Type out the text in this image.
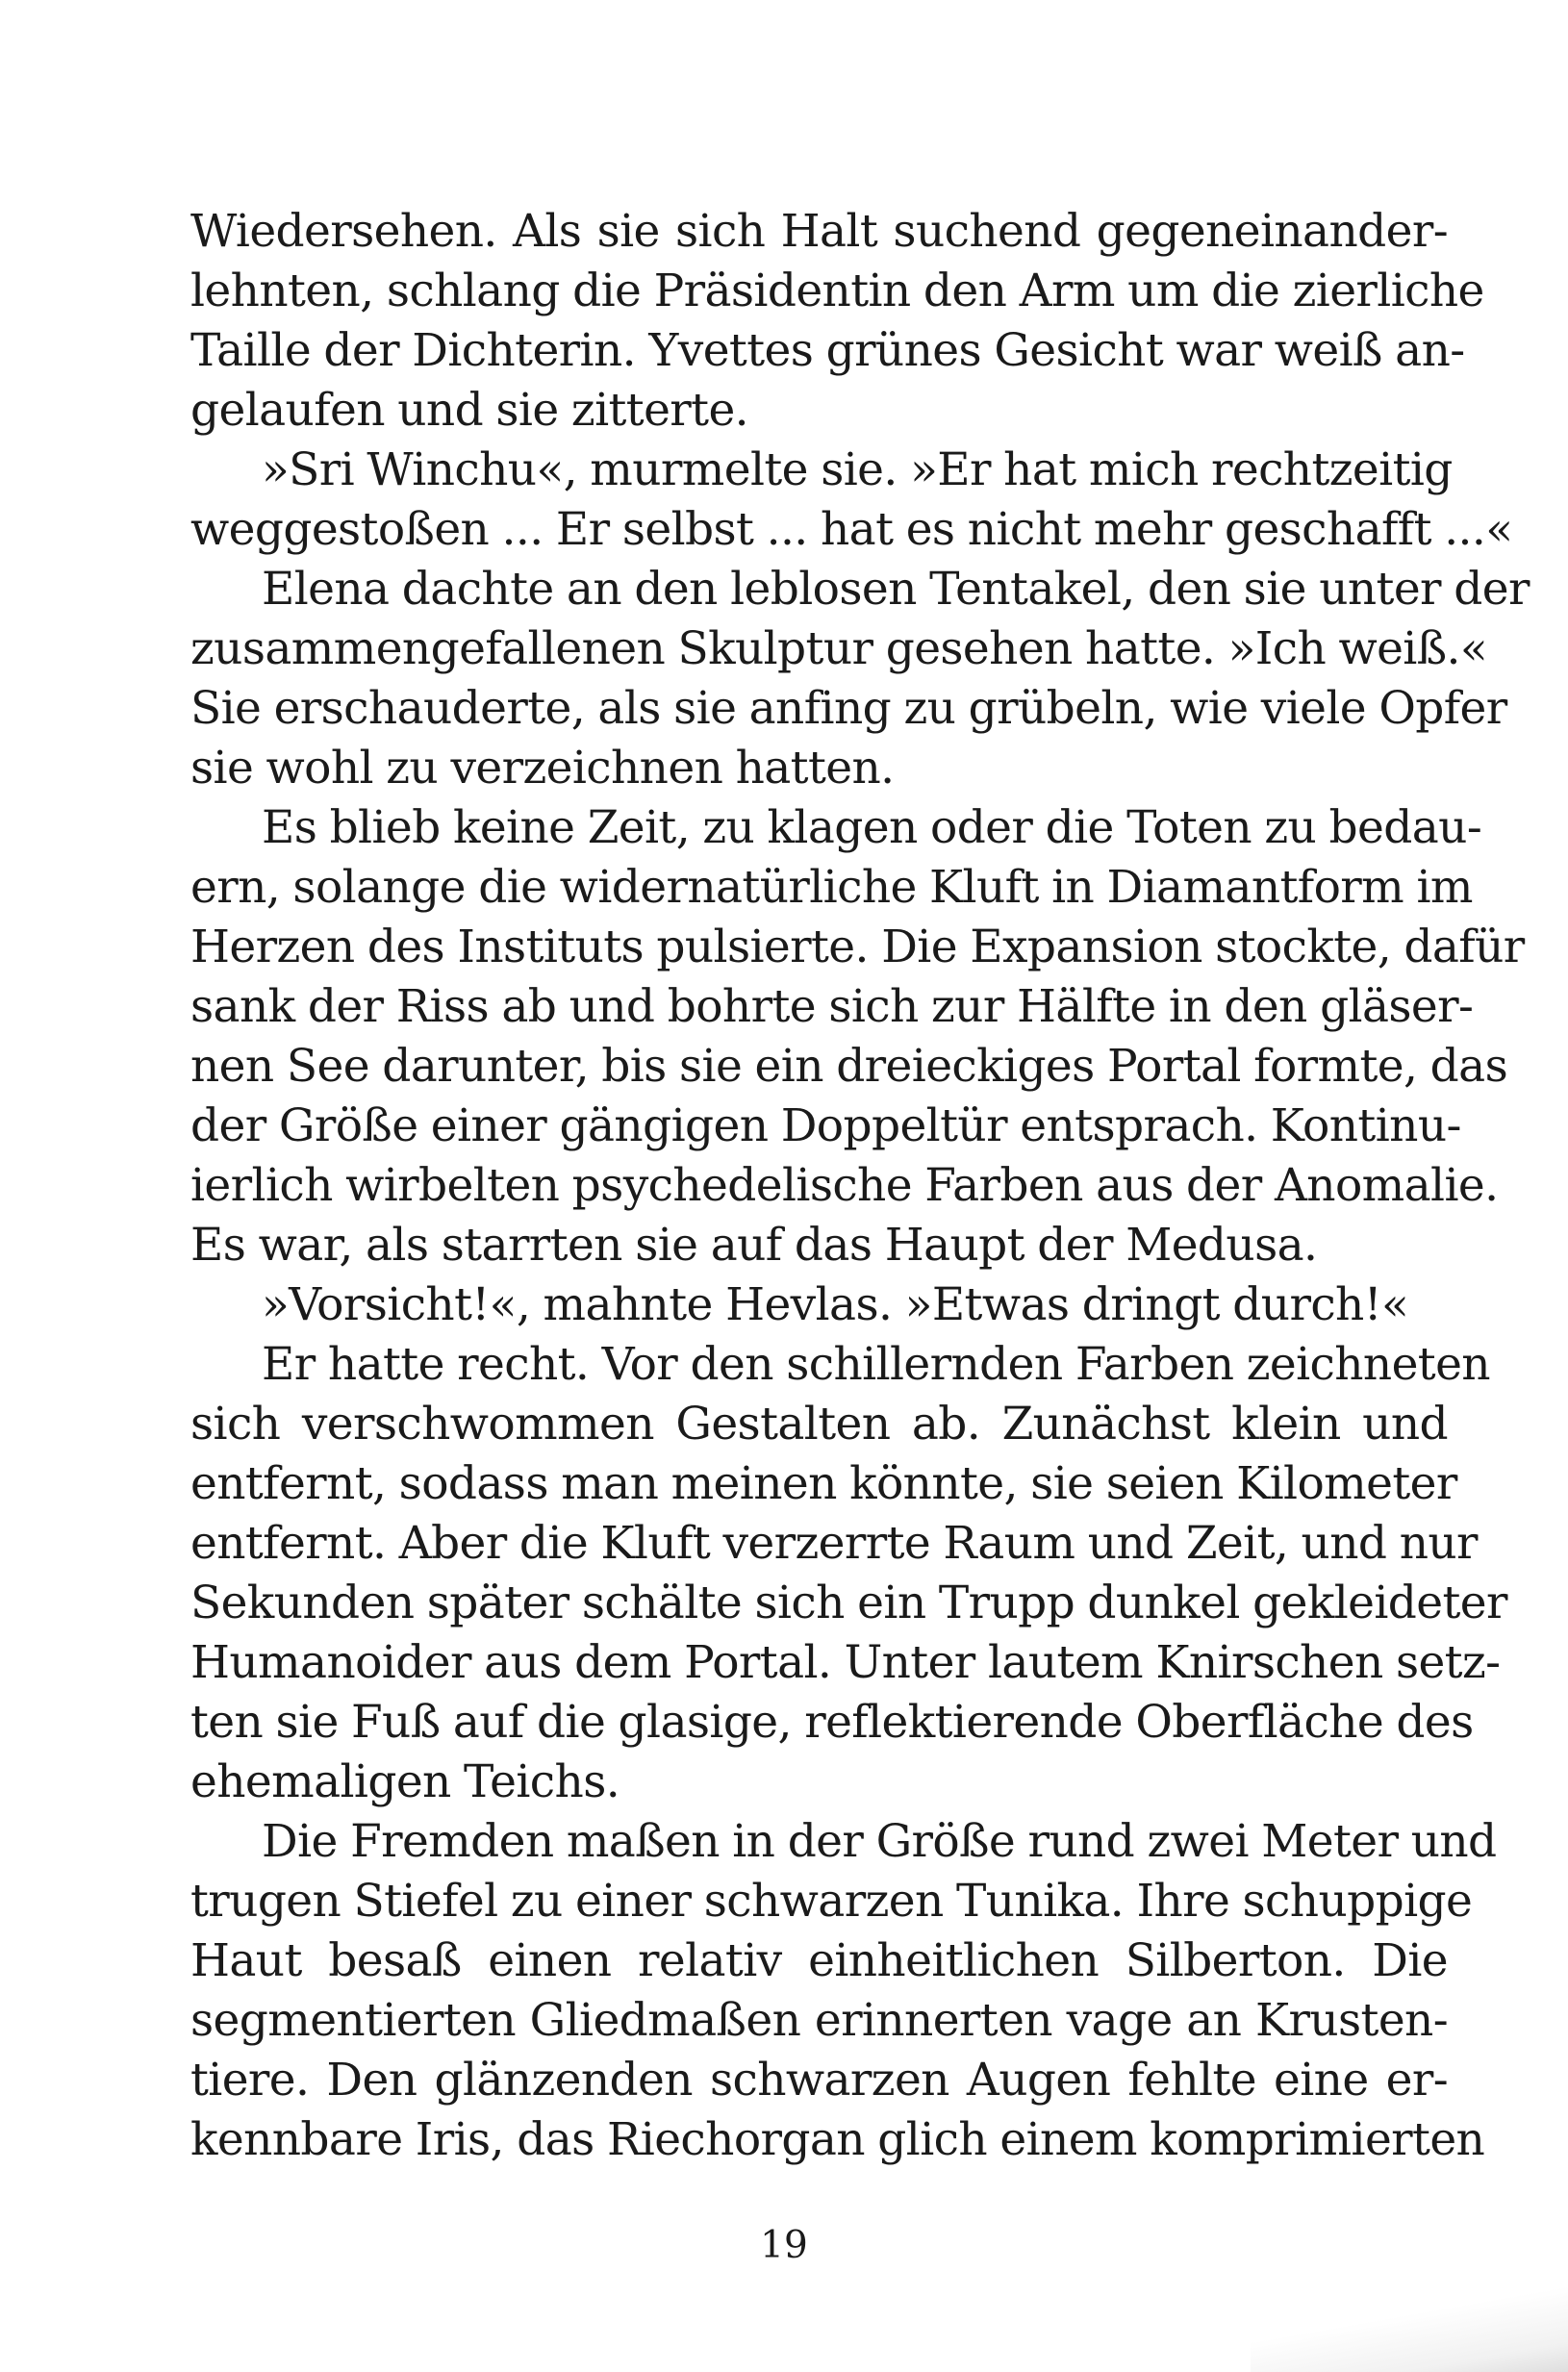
Wiedersehen. Als sie sich Halt suchend gegeneinander-
lehnten, schlang die Präsidentin den Arm um die zierliche
Taille der Dichterin. Yvettes grünes Gesicht war weiß an-
gelaufen und sie zitterte.
»Sri Winchu«, murmelte sie. »Er hat mich rechtzeitig
weggestoßen ... Er selbst ... hat es nicht mehr geschafft ...«
Elena dachte an den leblosen Tentakel, den sie unter der
zusammengefallenen Skulptur gesehen hatte. »Ich weiß.«
Sie erschauderte, als sie anfing zu grübeln, wie viele Opfer
sie wohl zu verzeichnen hatten.
Es blieb keine Zeit, zu klagen oder die Toten zu bedau-
ern, solange die widernatürliche Kluft in Diamantform im
Herzen des Instituts pulsierte. Die Expansion stockte, dafür
sank der Riss ab und bohrte sich zur Hälfte in den gläser-
nen See darunter, bis sie ein dreieckiges Portal formte, das
der Größe einer gängigen Doppeltür entsprach. Kontinu-
ierlich wirbelten psychedelische Farben aus der Anomalie.
Es war, als starrten sie auf das Haupt der Medusa.
»Vorsicht!«, mahnte Hevlas. »Etwas dringt durch!«
Er hatte recht. Vor den schillernden Farben zeichneten
sich verschwommen Gestalten ab. Zunächst klein und
entfernt, sodass man meinen könnte, sie seien Kilometer
entfernt. Aber die Kluft verzerrte Raum und Zeit, und nur
Sekunden später schälte sich ein Trupp dunkel gekleideter
Humanoider aus dem Portal. Unter lautem Knirschen setz-
ten sie Fuß auf die glasige, reflektierende Oberfläche des
ehemaligen Teichs.
Die Fremden maßen in der Größe rund zwei Meter und
trugen Stiefel zu einer schwarzen Tunika. Ihre schuppige
Haut besaß einen relativ einheitlichen Silberton. Die
segmentierten Gliedmaßen erinnerten vage an Krusten-
tiere. Den glänzenden schwarzen Augen fehlte eine er-
kennbare Iris, das Riechorgan glich einem komprimierten
19
